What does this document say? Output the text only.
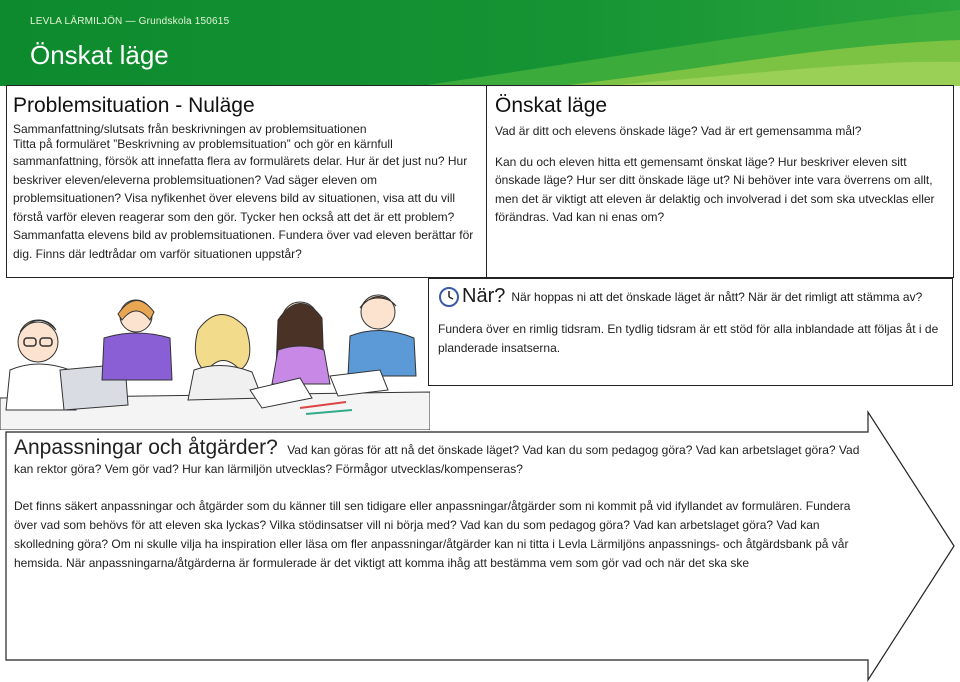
LEVLA LÄRMILJÖN — Grundskola 150615
Önskat läge
Problemsituation - Nuläge

Sammanfattning/slutsats från beskrivningen av problemsituationen

Titta på formuläret ”Beskrivning av problemsituation” och gör en kärnfull

sammanfattning, försök att innefatta flera av formulärets delar. Hur är det just nu? Hur beskriver eleven/eleverna problemsituationen? Vad säger eleven om problemsituationen? Visa nyfikenhet över elevens bild av situationen, visa att du vill förstå varför eleven reagerar som den gör. Tycker hen också att det är ett problem? Sammanfatta elevens bild av problemsituationen. Fundera över vad eleven berättar för dig. Finns där ledtrådar om varför situationen uppstår?

Önskat läge

Vad är ditt och elevens önskade läge? Vad är ert gemensamma mål?

Kan du och eleven hitta ett gemensamt önskat läge? Hur beskriver eleven sitt önskade läge? Hur ser ditt önskade läge ut? Ni behöver inte vara överrens om allt, men det är viktigt att eleven är delaktig och involverad i det som ska utvecklas eller förändras. Vad kan ni enas om?

När? När hoppas ni att det önskade läget är nått? När är det rimligt att stämma av?

Fundera över en rimlig tidsram. En tydlig tidsram är ett stöd för alla inblandade att följas åt i de planderade insatserna.

Anpassningar och åtgärder? Vad kan göras för att nå det önskade läget? Vad kan du som pedagog göra? Vad kan arbetslaget göra? Vad kan rektor göra? Vem gör vad? Hur kan lärmiljön utvecklas? Förmågor utvecklas/kompenseras?

Det finns säkert anpassningar och åtgärder som du känner till sen tidigare eller anpassningar/åtgärder som ni kommit på vid ifyllandet av formulären. Fundera över vad som behövs för att eleven ska lyckas? Vilka stödinsatser vill ni börja med? Vad kan du som pedagog göra? Vad kan arbetslaget göra? Vad kan skolledning göra? Om ni skulle vilja ha inspiration eller läsa om fler anpassningar/åtgärder kan ni titta i Levla Lärmiljöns anpassnings- och åtgärdsbank på vår hemsida. När anpassningarna/åtgärderna är formulerade är det viktigt att komma ihåg att bestämma vem som gör vad och när det ska ske
